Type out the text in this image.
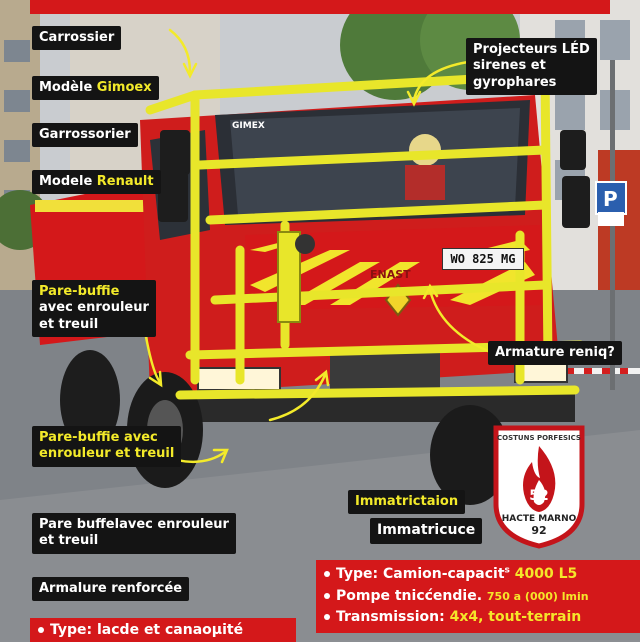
ENAST
GIMEX
P
WO 825 MG
Carrossier
Modèle Gimoex
Garrossorier
Modele Renault
Pare-buffie
avec enrouleur
et treuil
Pare-buffie avec
enrouleur et treuil
Pare buffelavec enrouleur
et treuil
Armalure renforcée
Projecteurs LÉD
sirenes et
gyrophares
Armature reniq?
Immatrictaion
Immatricuce
COSTUNS PORFESICS
52
HACTE MARNO
92
Type: Camion-capacit$^s$ 4000 L5
Pompe tnicćendie. 750 a (000) lmin
Transmission: 4x4, tout-terrain
Type: lacde et canaoµité
